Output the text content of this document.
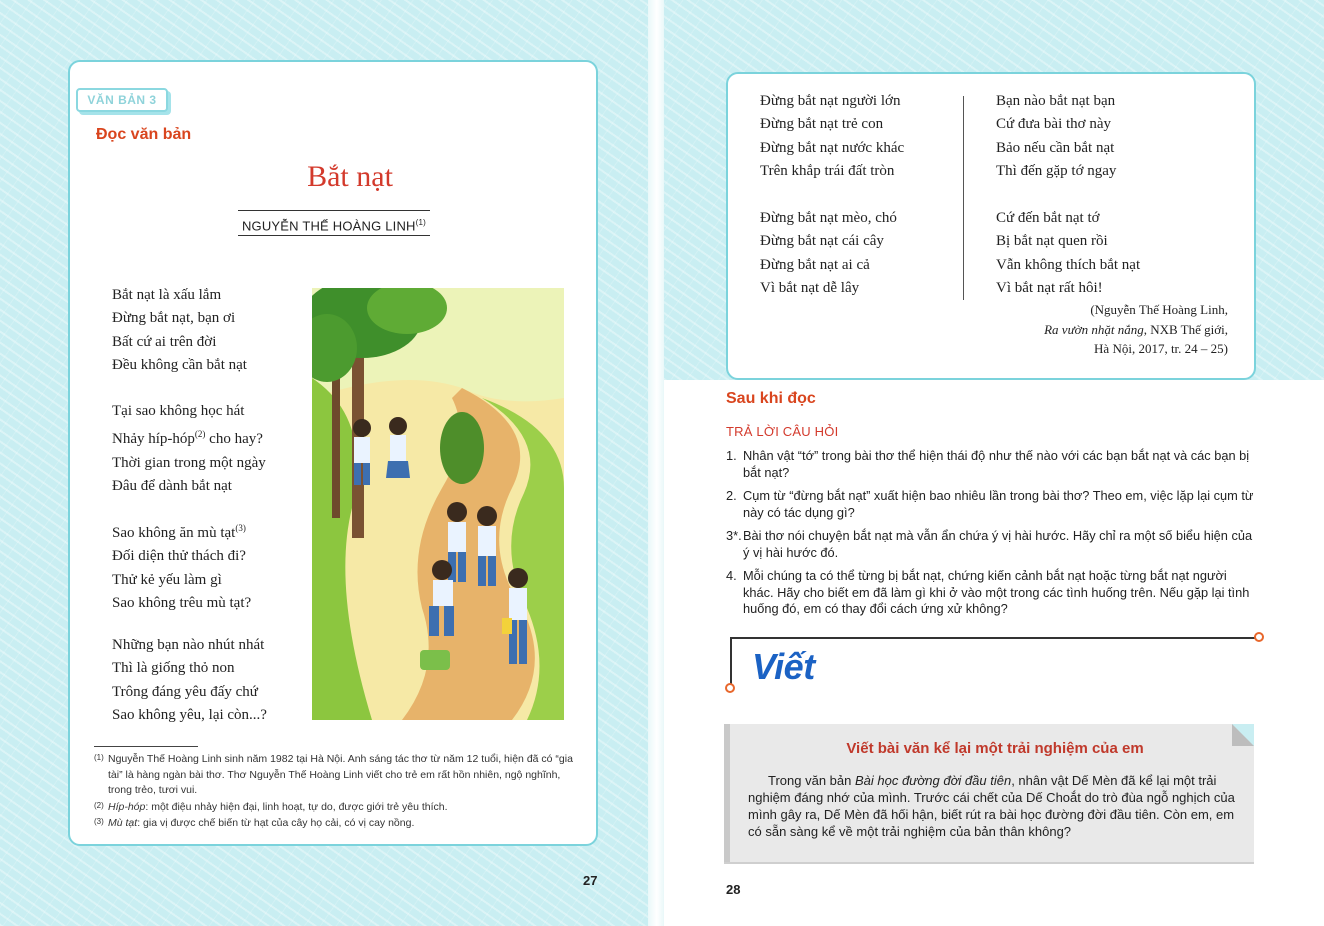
VĂN BẢN 3
Đọc văn bản
Bắt nạt
NGUYỄN THẾ HOÀNG LINH$^{(1)}$
Bắt nạt là xấu lắm
Đừng bắt nạt, bạn ơi
Bất cứ ai trên đời
Đều không cần bắt nạt
Tại sao không học hát
Nhảy híp-hóp$^{(2)}$ cho hay?
Thời gian trong một ngày
Đâu để dành bắt nạt
Sao không ăn mù tạt$^{(3)}$
Đối diện thử thách đi?
Thử kẻ yếu làm gì
Sao không trêu mù tạt?
Những bạn nào nhút nhát
Thì là giống thỏ non
Trông đáng yêu đấy chứ
Sao không yêu, lại còn...?
(1) Nguyễn Thế Hoàng Linh sinh năm 1982 tại Hà Nội. Anh sáng tác thơ từ năm 12 tuổi, hiện đã có “gia tài” là hàng ngàn bài thơ. Thơ Nguyễn Thế Hoàng Linh viết cho trẻ em rất hồn nhiên, ngộ nghĩnh, trong trẻo, tươi vui.
(2) Híp-hóp: một điệu nhảy hiện đại, linh hoạt, tự do, được giới trẻ yêu thích.
(3) Mù tạt: gia vị được chế biến từ hạt của cây họ cải, có vị cay nồng.
27
Đừng bắt nạt người lớn
Đừng bắt nạt trẻ con
Đừng bắt nạt nước khác
Trên khắp trái đất tròn
Đừng bắt nạt mèo, chó
Đừng bắt nạt cái cây
Đừng bắt nạt ai cả
Vì bắt nạt dễ lây
Bạn nào bắt nạt bạn
Cứ đưa bài thơ này
Bảo nếu cần bắt nạt
Thì đến gặp tớ ngay
Cứ đến bắt nạt tớ
Bị bắt nạt quen rồi
Vẫn không thích bắt nạt
Vì bắt nạt rất hôi!
(Nguyễn Thế Hoàng Linh,
Ra vườn nhặt nắng, NXB Thế giới,
Hà Nội, 2017, tr. 24 – 25)
Sau khi đọc
TRẢ LỜI CÂU HỎI
1. Nhân vật “tớ” trong bài thơ thể hiện thái độ như thế nào với các bạn bắt nạt và các bạn bị bắt nạt?
2. Cụm từ “đừng bắt nạt” xuất hiện bao nhiêu lần trong bài thơ? Theo em, việc lặp lại cụm từ này có tác dụng gì?
3*. Bài thơ nói chuyện bắt nạt mà vẫn ẩn chứa ý vị hài hước. Hãy chỉ ra một số biểu hiện của ý vị hài hước đó.
4. Mỗi chúng ta có thể từng bị bắt nạt, chứng kiến cảnh bắt nạt hoặc từng bắt nạt người khác. Hãy cho biết em đã làm gì khi ở vào một trong các tình huống trên. Nếu gặp lại tình huống đó, em có thay đổi cách ứng xử không?
Viết
Viết bài văn kể lại một trải nghiệm của em
Trong văn bản Bài học đường đời đầu tiên, nhân vật Dế Mèn đã kể lại một trải nghiệm đáng nhớ của mình. Trước cái chết của Dế Choắt do trò đùa ngỗ nghịch của mình gây ra, Dế Mèn đã hối hận, biết rút ra bài học đường đời đầu tiên. Còn em, em có sẵn sàng kể về một trải nghiệm của bản thân không?
28
